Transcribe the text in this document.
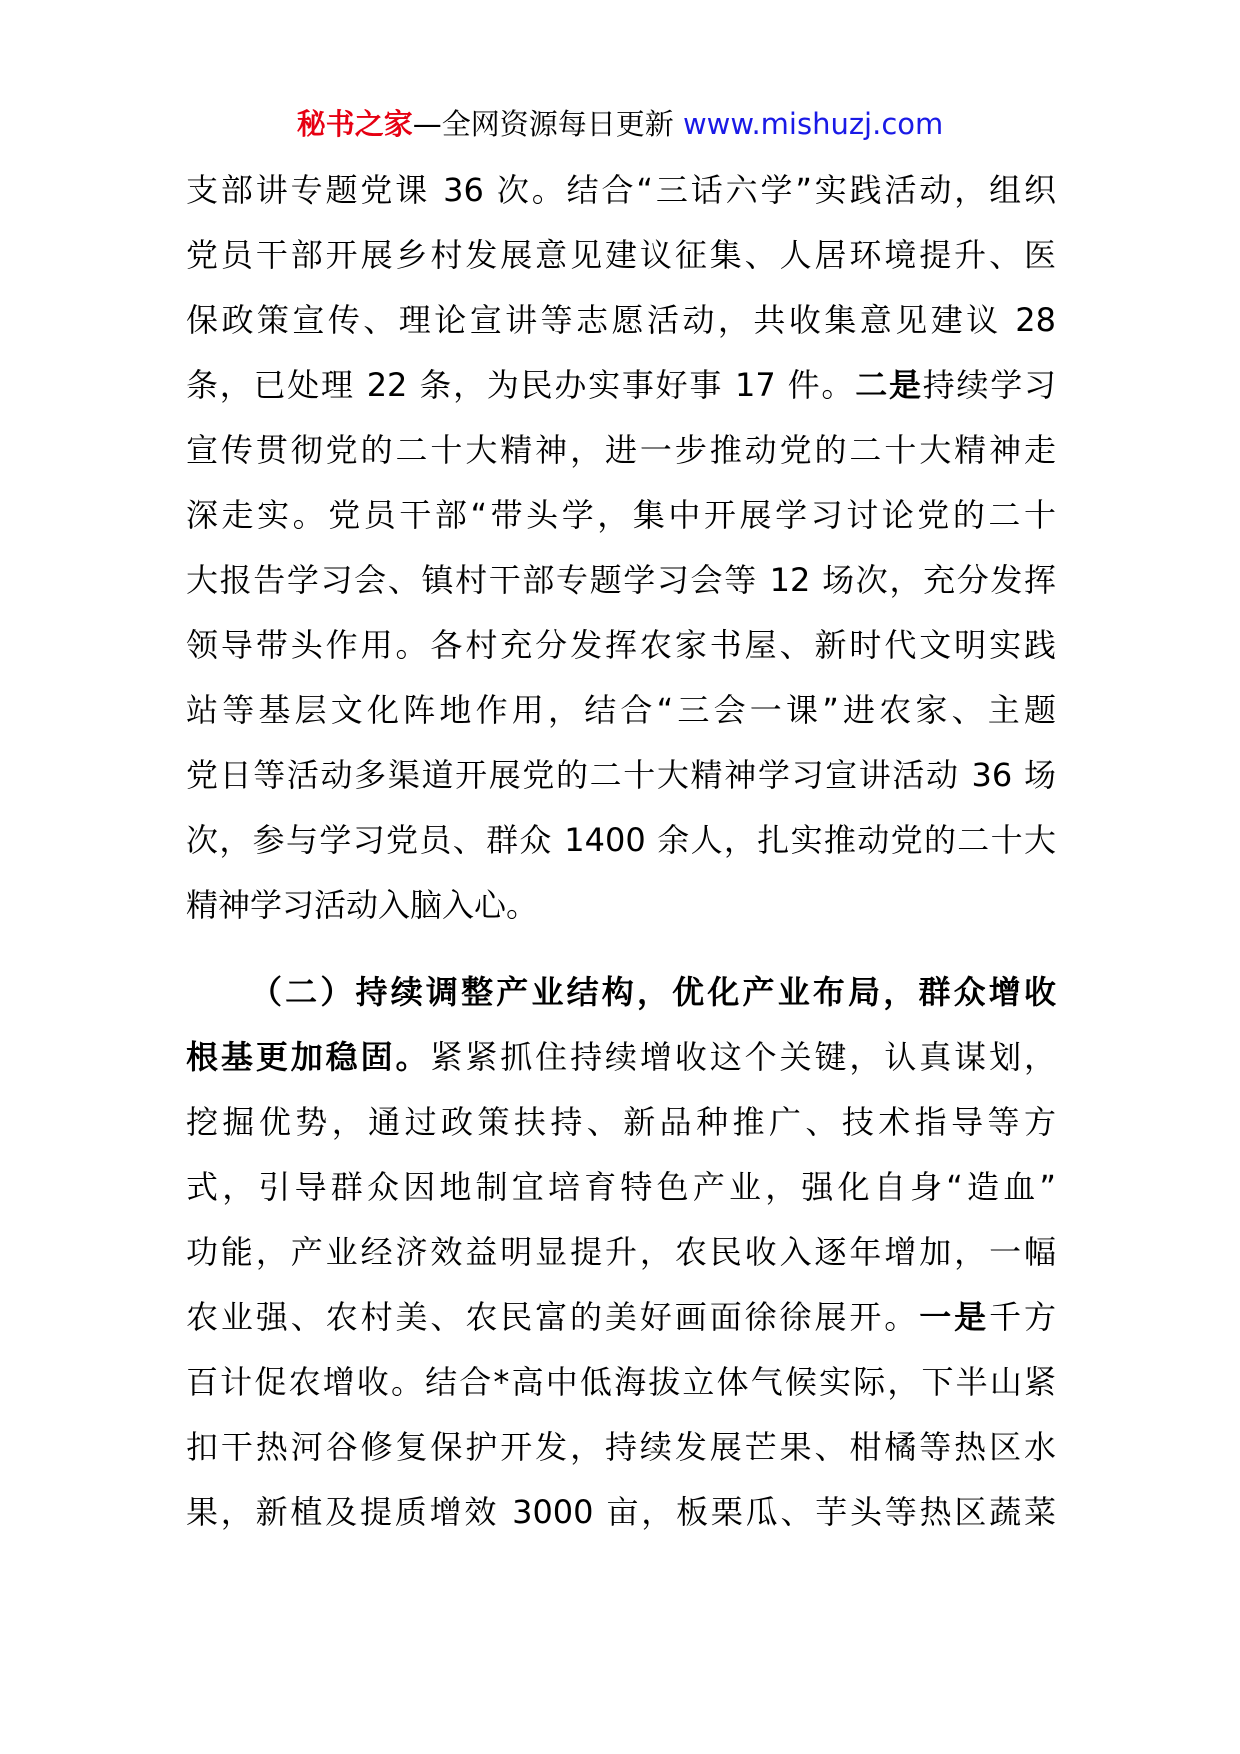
秘书之家—全网资源每日更新 www.mishuzj.com
支部讲专题党课 36 次。结合“三话六学”实践活动，组织
党员干部开展乡村发展意见建议征集、人居环境提升、医
保政策宣传、理论宣讲等志愿活动，共收集意见建议 28
条，已处理 22 条，为民办实事好事 17 件。二是持续学习
宣传贯彻党的二十大精神，进一步推动党的二十大精神走
深走实。党员干部“带头学，集中开展学习讨论党的二十
大报告学习会、镇村干部专题学习会等 12 场次，充分发挥
领导带头作用。各村充分发挥农家书屋、新时代文明实践
站等基层文化阵地作用，结合“三会一课”进农家、主题
党日等活动多渠道开展党的二十大精神学习宣讲活动 36 场
次，参与学习党员、群众 1400 余人，扎实推动党的二十大
精神学习活动入脑入心。
（二）持续调整产业结构，优化产业布局，群众增收
根基更加稳固。紧紧抓住持续增收这个关键，认真谋划，
挖掘优势，通过政策扶持、新品种推广、技术指导等方
式，引导群众因地制宜培育特色产业，强化自身“造血”
功能，产业经济效益明显提升，农民收入逐年增加，一幅
农业强、农村美、农民富的美好画面徐徐展开。一是千方
百计促农增收。结合*高中低海拔立体气候实际，下半山紧
扣干热河谷修复保护开发，持续发展芒果、柑橘等热区水
果，新植及提质增效 3000 亩，板栗瓜、芋头等热区蔬菜
